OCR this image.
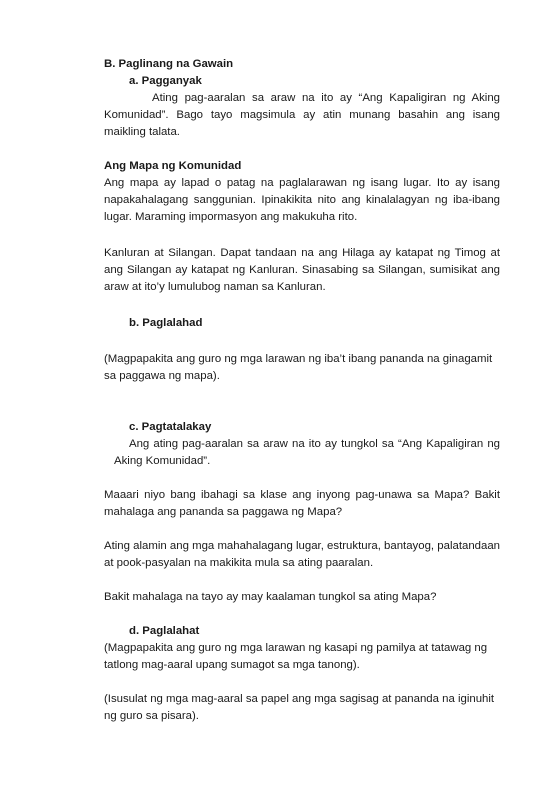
B. Paglinang na Gawain

a. Pagganyak

Ating pag-aaralan sa araw na ito ay “Ang Kapaligiran ng Aking Komunidad”. Bago tayo magsimula ay atin munang basahin ang isang maikling talata.

Ang Mapa ng Komunidad

Ang mapa ay lapad o patag na paglalarawan ng isang lugar. Ito ay isang napakahalagang sanggunian. Ipinakikita nito ang kinalalagyan ng iba-ibang lugar. Maraming impormasyon ang makukuha rito.

Kanluran at Silangan. Dapat tandaan na ang Hilaga ay katapat ng Timog at ang Silangan ay katapat ng Kanluran. Sinasabing sa Silangan, sumisikat ang araw at ito’y lumulubog naman sa Kanluran.

b. Paglalahad

(Magpapakita ang guro ng mga larawan ng iba’t ibang pananda na ginagamit sa paggawa ng mapa).

c. Pagtatalakay

Ang ating pag-aaralan sa araw na ito ay tungkol sa “Ang Kapaligiran ng Aking Komunidad”.

Maaari niyo bang ibahagi sa klase ang inyong pag-unawa sa Mapa? Bakit mahalaga ang pananda sa paggawa ng Mapa?

Ating alamin ang mga mahahalagang lugar, estruktura, bantayog, palatandaan at pook-pasyalan na makikita mula sa ating paaralan.

Bakit mahalaga na tayo ay may kaalaman tungkol sa ating Mapa?

d. Paglalahat

(Magpapakita ang guro ng mga larawan ng kasapi ng pamilya at tatawag ng tatlong mag-aaral upang sumagot sa mga tanong).

(Isusulat ng mga mag-aaral sa papel ang mga sagisag at pananda na iginuhit ng guro sa pisara).
